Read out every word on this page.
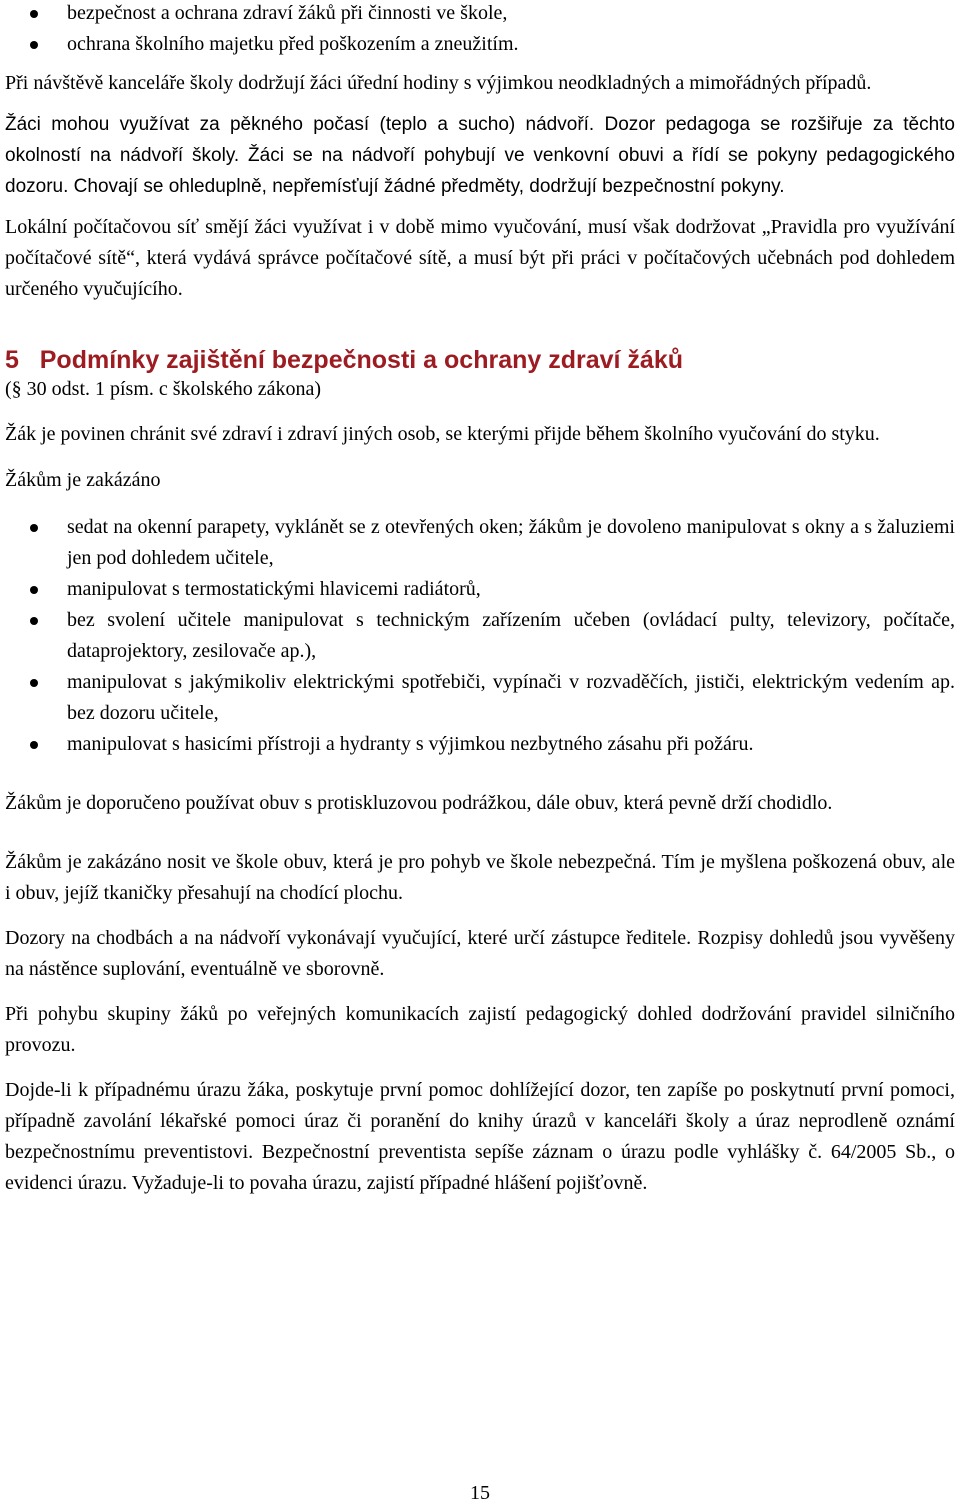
bezpečnost a ochrana zdraví žáků při činnosti ve škole,
ochrana školního majetku před poškozením a zneužitím.

Při návštěvě kanceláře školy dodržují žáci úřední hodiny s výjimkou neodkladných a mimořádných případů.

Žáci mohou využívat za pěkného počasí (teplo a sucho) nádvoří. Dozor pedagoga se rozšiřuje za těchto okolností na nádvoří školy. Žáci se na nádvoří pohybují ve venkovní obuvi a řídí se pokyny pedagogického dozoru. Chovají se ohleduplně, nepřemísťují žádné předměty, dodržují bezpečnostní pokyny.

Lokální počítačovou síť smějí žáci využívat i v době mimo vyučování, musí však dodržovat „Pravidla pro využívání počítačové sítě“, která vydává správce počítačové sítě, a musí být při práci v počítačových učebnách pod dohledem určeného vyučujícího.

5 Podmínky zajištění bezpečnosti a ochrany zdraví žáků

(§ 30 odst. 1 písm. c školského zákona)

Žák je povinen chránit své zdraví i zdraví jiných osob, se kterými přijde během školního vyučování do styku.

Žákům je zakázáno

sedat na okenní parapety, vyklánět se z otevřených oken; žákům je dovoleno manipulovat s okny a s žaluziemi jen pod dohledem učitele,
manipulovat s termostatickými hlavicemi radiátorů,
bez svolení učitele manipulovat s technickým zařízením učeben (ovládací pulty, televizory, počítače, dataprojektory, zesilovače ap.),
manipulovat s jakýmikoliv elektrickými spotřebiči, vypínači v rozvaděčích, jističi, elektrickým vedením ap. bez dozoru učitele,
manipulovat s hasicími přístroji a hydranty s výjimkou nezbytného zásahu při požáru.

Žákům je doporučeno používat obuv s protiskluzovou podrážkou, dále obuv, která pevně drží chodidlo.

Žákům je zakázáno nosit ve škole obuv, která je pro pohyb ve škole nebezpečná. Tím je myšlena poškozená obuv, ale i obuv, jejíž tkaničky přesahují na chodící plochu.

Dozory na chodbách a na nádvoří vykonávají vyučující, které určí zástupce ředitele. Rozpisy dohledů jsou vyvěšeny na nástěnce suplování, eventuálně ve sborovně.

Při pohybu skupiny žáků po veřejných komunikacích zajistí pedagogický dohled dodržování pravidel silničního provozu.

Dojde-li k případnému úrazu žáka, poskytuje první pomoc dohlížející dozor, ten zapíše po poskytnutí první pomoci, případně zavolání lékařské pomoci úraz či poranění do knihy úrazů v kanceláři školy a úraz neprodleně oznámí bezpečnostnímu preventistovi. Bezpečnostní preventista sepíše záznam o úrazu podle vyhlášky č. 64/2005 Sb., o evidenci úrazu. Vyžaduje-li to povaha úrazu, zajistí případné hlášení pojišťovně.

15
